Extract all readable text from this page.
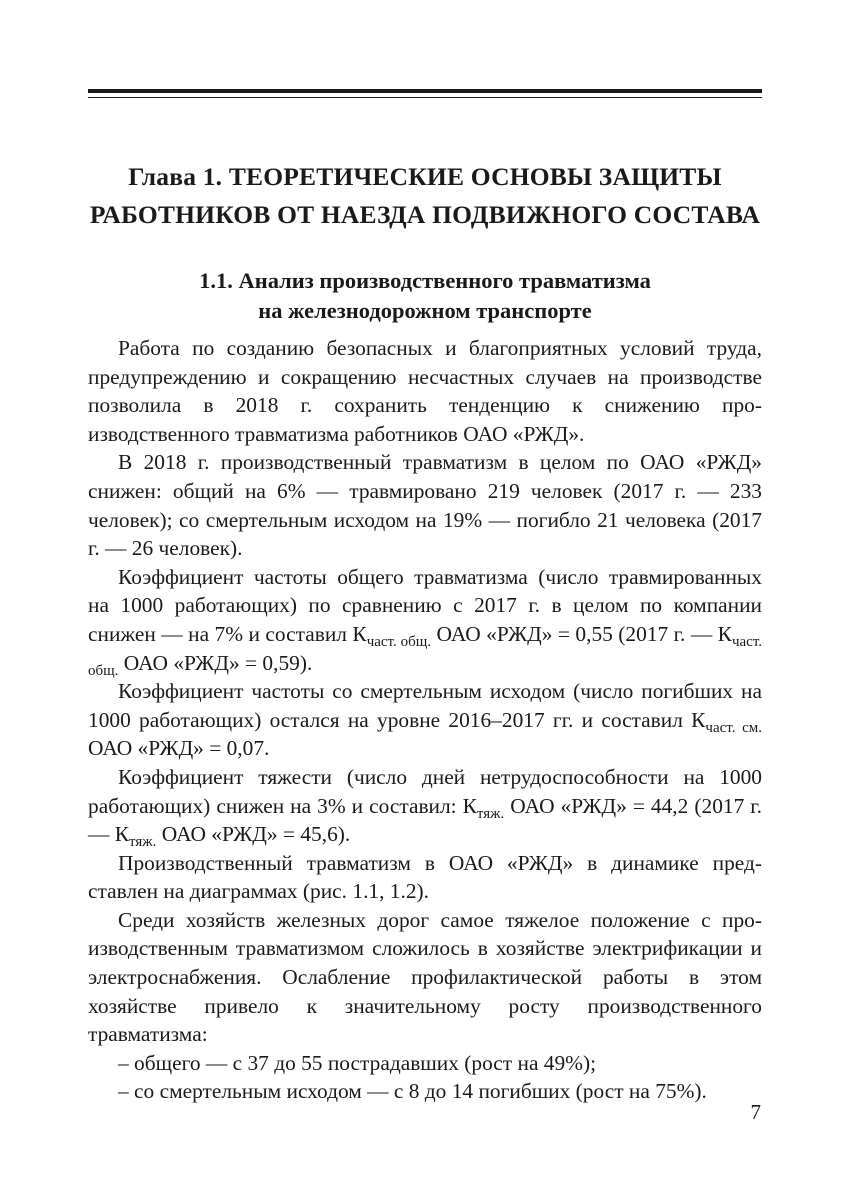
Глава 1. ТЕОРЕТИЧЕСКИЕ ОСНОВЫ ЗАЩИТЫ
РАБОТНИКОВ ОТ НАЕЗДА ПОДВИЖНОГО СОСТАВА
1.1. Анализ производственного травматизма
на железнодорожном транспорте

Работа по созданию безопасных и благоприятных условий труда, предупреждению и сокращению несчастных случаев на производстве позволила в 2018 г. сохранить тенденцию к снижению производственного травматизма работников ОАО «РЖД».

В 2018 г. производственный травматизм в целом по ОАО «РЖД» снижен: общий на 6% — травмировано 219 человек (2017 г. — 233 человек); со смертельным исходом на 19% — погибло 21 человека (2017 г. — 26 человек).

Коэффициент частоты общего травматизма (число травмированных на 1000 работающих) по сравнению с 2017 г. в целом по компании снижен — на 7% и составил $К_{част. общ.}$ ОАО «РЖД» = 0,55 (2017 г. — $К_{част. общ.}$ ОАО «РЖД» = 0,59).

Коэффициент частоты со смертельным исходом (число погибших на 1000 работающих) остался на уровне 2016–2017 гг. и составил $К_{част. см.}$ ОАО «РЖД» = 0,07.

Коэффициент тяжести (число дней нетрудоспособности на 1000 работающих) снижен на 3% и составил: $К_{тяж.}$ ОАО «РЖД» = 44,2 (2017 г. — $К_{тяж.}$ ОАО «РЖД» = 45,6).

Производственный травматизм в ОАО «РЖД» в динамике представлен на диаграммах (рис. 1.1, 1.2).

Среди хозяйств железных дорог самое тяжелое положение с производственным травматизмом сложилось в хозяйстве электрификации и электроснабжения. Ослабление профилактической работы в этом хозяйстве привело к значительному росту производственного травматизма:

– общего — с 37 до 55 пострадавших (рост на 49%);

– со смертельным исходом — с 8 до 14 погибших (рост на 75%).

7
